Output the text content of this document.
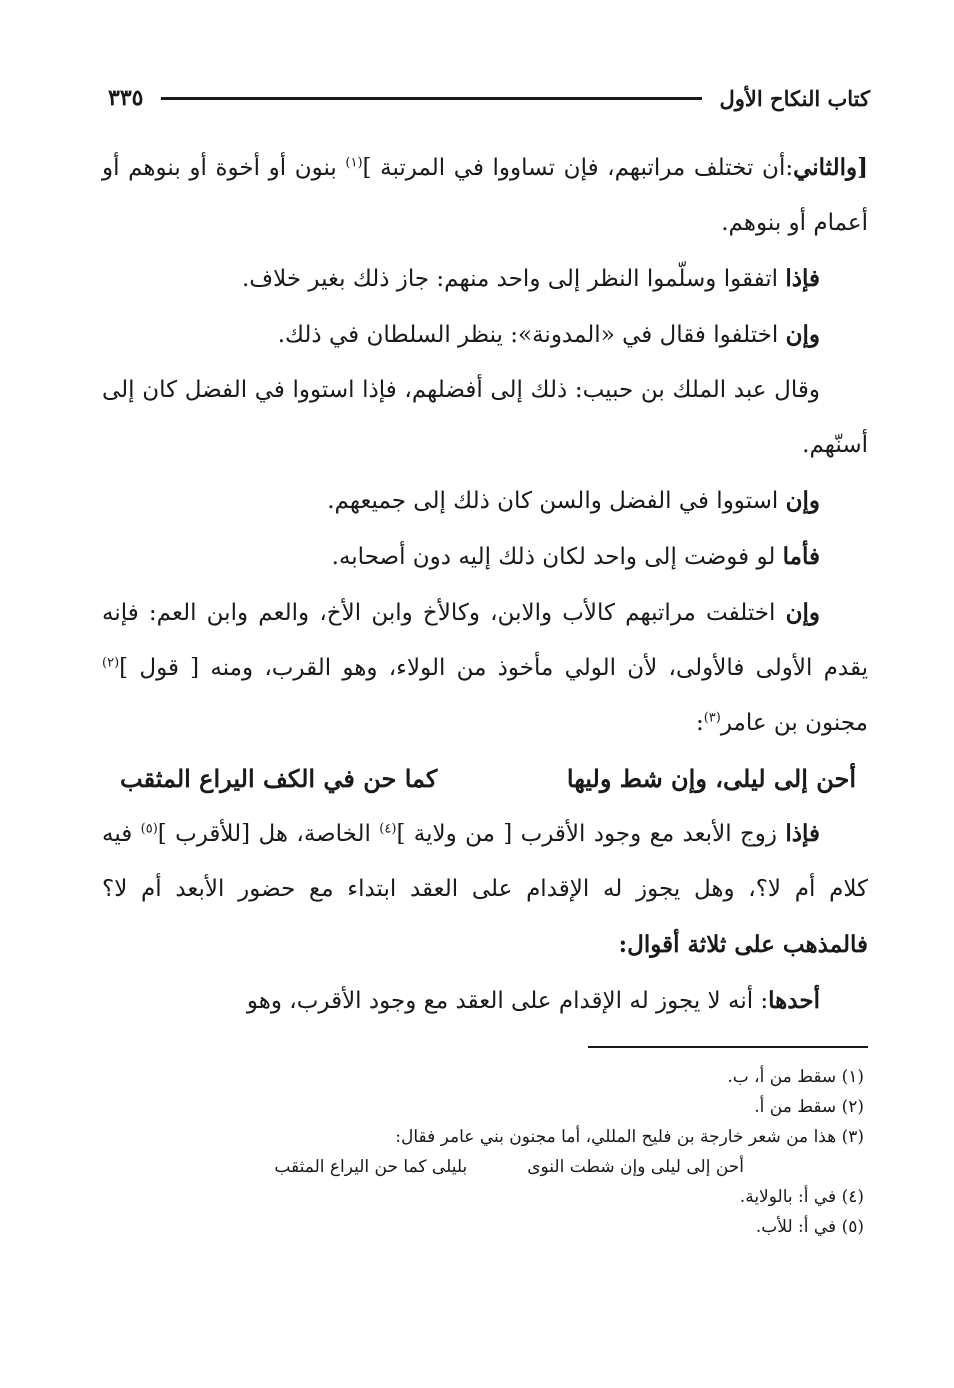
كتاب النكاح الأول
٣٣٥

[والثاني:أن تختلف مراتبهم، فإن تساووا في المرتبة ]$^{(١)}$ بنون أو أخوة أو بنوهم أو أعمام أو بنوهم.

فإذا اتفقوا وسلّموا النظر إلى واحد منهم: جاز ذلك بغير خلاف.

وإن اختلفوا فقال في «المدونة»: ينظر السلطان في ذلك.

وقال عبد الملك بن حبيب: ذلك إلى أفضلهم، فإذا استووا في الفضل كان إلى أسنّهم.

وإن استووا في الفضل والسن كان ذلك إلى جميعهم.

فأما لو فوضت إلى واحد لكان ذلك إليه دون أصحابه.

وإن اختلفت مراتبهم كالأب والابن، وكالأخ وابن الأخ، والعم وابن العم: فإنه يقدم الأولى فالأولى، لأن الولي مأخوذ من الولاء، وهو القرب، ومنه [ قول ]$^{(٢)}$ مجنون بن عامر$^{(٣)}$:

أحن إلى ليلى، وإن شط وليها
كما حن في الكف اليراع المثقب

فإذا زوج الأبعد مع وجود الأقرب [ من ولاية ]$^{(٤)}$ الخاصة، هل [للأقرب ]$^{(٥)}$ فيه كلام أم لا؟، وهل يجوز له الإقدام على العقد ابتداء مع حضور الأبعد أم لا؟ فالمذهب على ثلاثة أقوال:

أحدها: أنه لا يجوز له الإقدام على العقد مع وجود الأقرب، وهو

(١) سقط من أ، ب.

(٢) سقط من أ.

(٣) هذا من شعر خارجة بن فليح المللي، أما مجنون بني عامر فقال:

أحن إلى ليلى وإن شطت النوى
بليلى كما حن اليراع المثقب

(٤) في أ: بالولاية.

(٥) في أ: للأب.
